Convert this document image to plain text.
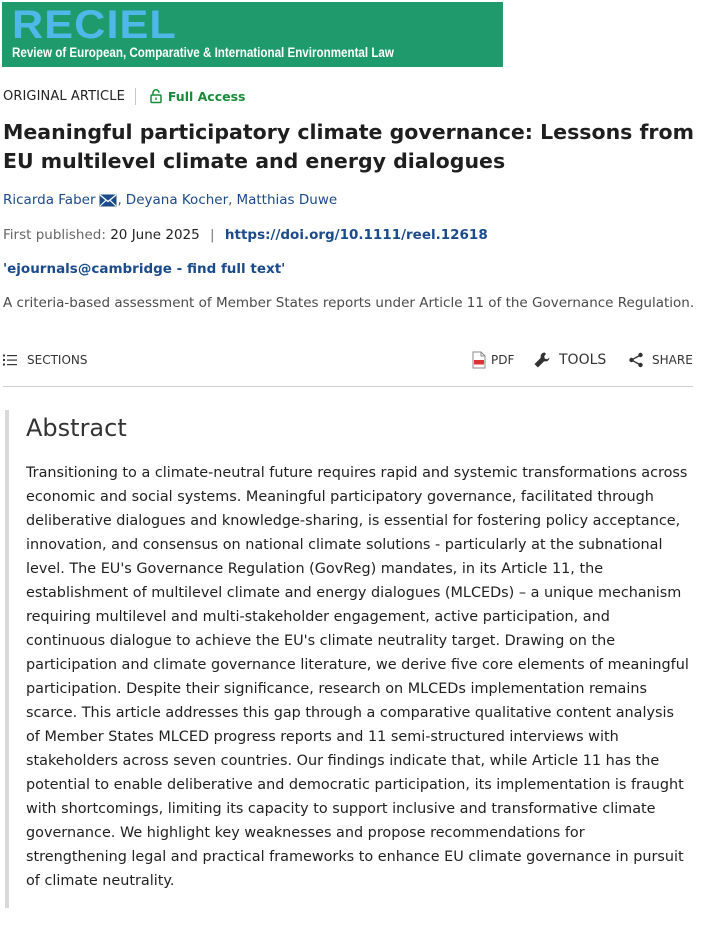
RECIEL
Review of European, Comparative & International Environmental Law
ORIGINAL ARTICLE	Full Access
Meaningful participatory climate governance: Lessons from EU multilevel climate and energy dialogues
Ricarda Faber , Deyana Kocher , Matthias Duwe
First published: 20 June 2025 | https://doi.org/10.1111/reel.12618
'ejournals@cambridge - find full text'
A criteria-based assessment of Member States reports under Article 11 of the Governance Regulation.
SECTIONS	PDF	TOOLS	SHARE
Abstract

Transitioning to a climate-neutral future requires rapid and systemic transformations across economic and social systems. Meaningful participatory governance, facilitated through deliberative dialogues and knowledge-sharing, is essential for fostering policy acceptance, innovation, and consensus on national climate solutions - particularly at the subnational level. The EU's Governance Regulation (GovReg) mandates, in its Article 11, the establishment of multilevel climate and energy dialogues (MLCEDs) – a unique mechanism requiring multilevel and multi-stakeholder engagement, active participation, and continuous dialogue to achieve the EU's climate neutrality target. Drawing on the participation and climate governance literature, we derive five core elements of meaningful participation. Despite their significance, research on MLCEDs implementation remains scarce. This article addresses this gap through a comparative qualitative content analysis of Member States MLCED progress reports and 11 semi-structured interviews with stakeholders across seven countries. Our findings indicate that, while Article 11 has the potential to enable deliberative and democratic participation, its implementation is fraught with shortcomings, limiting its capacity to support inclusive and transformative climate governance. We highlight key weaknesses and propose recommendations for strengthening legal and practical frameworks to enhance EU climate governance in pursuit of climate neutrality.
